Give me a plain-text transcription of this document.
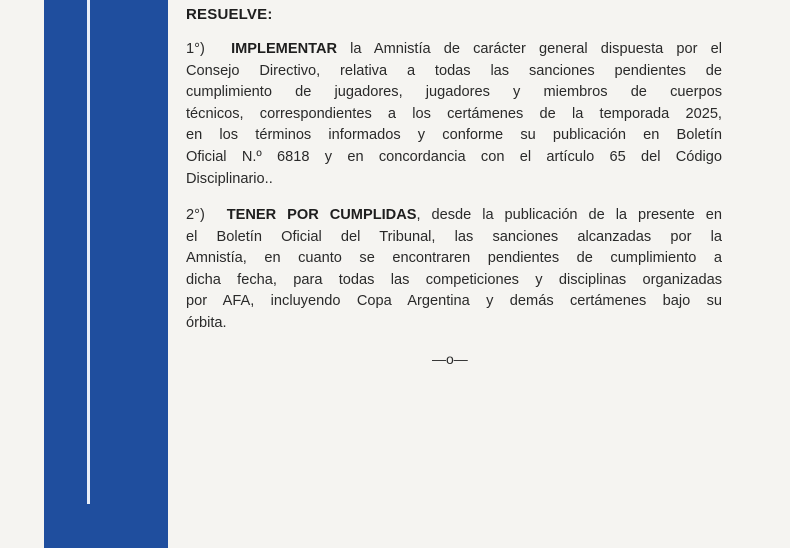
RESUELVE:
1°) IMPLEMENTAR la Amnistía de carácter general dispuesta por el
Consejo Directivo, relativa a todas las sanciones pendientes de
cumplimiento de jugadores, jugadores y miembros de cuerpos
técnicos, correspondientes a los certámenes de la temporada 2025,
en los términos informados y conforme su publicación en Boletín
Oficial N.º 6818 y en concordancia con el artículo 65 del Código
Disciplinario..
2°) TENER POR CUMPLIDAS, desde la publicación de la presente en
el Boletín Oficial del Tribunal, las sanciones alcanzadas por la
Amnistía, en cuanto se encontraren pendientes de cumplimiento a
dicha fecha, para todas las competiciones y disciplinas organizadas
por AFA, incluyendo Copa Argentina y demás certámenes bajo su
órbita.
—o—
